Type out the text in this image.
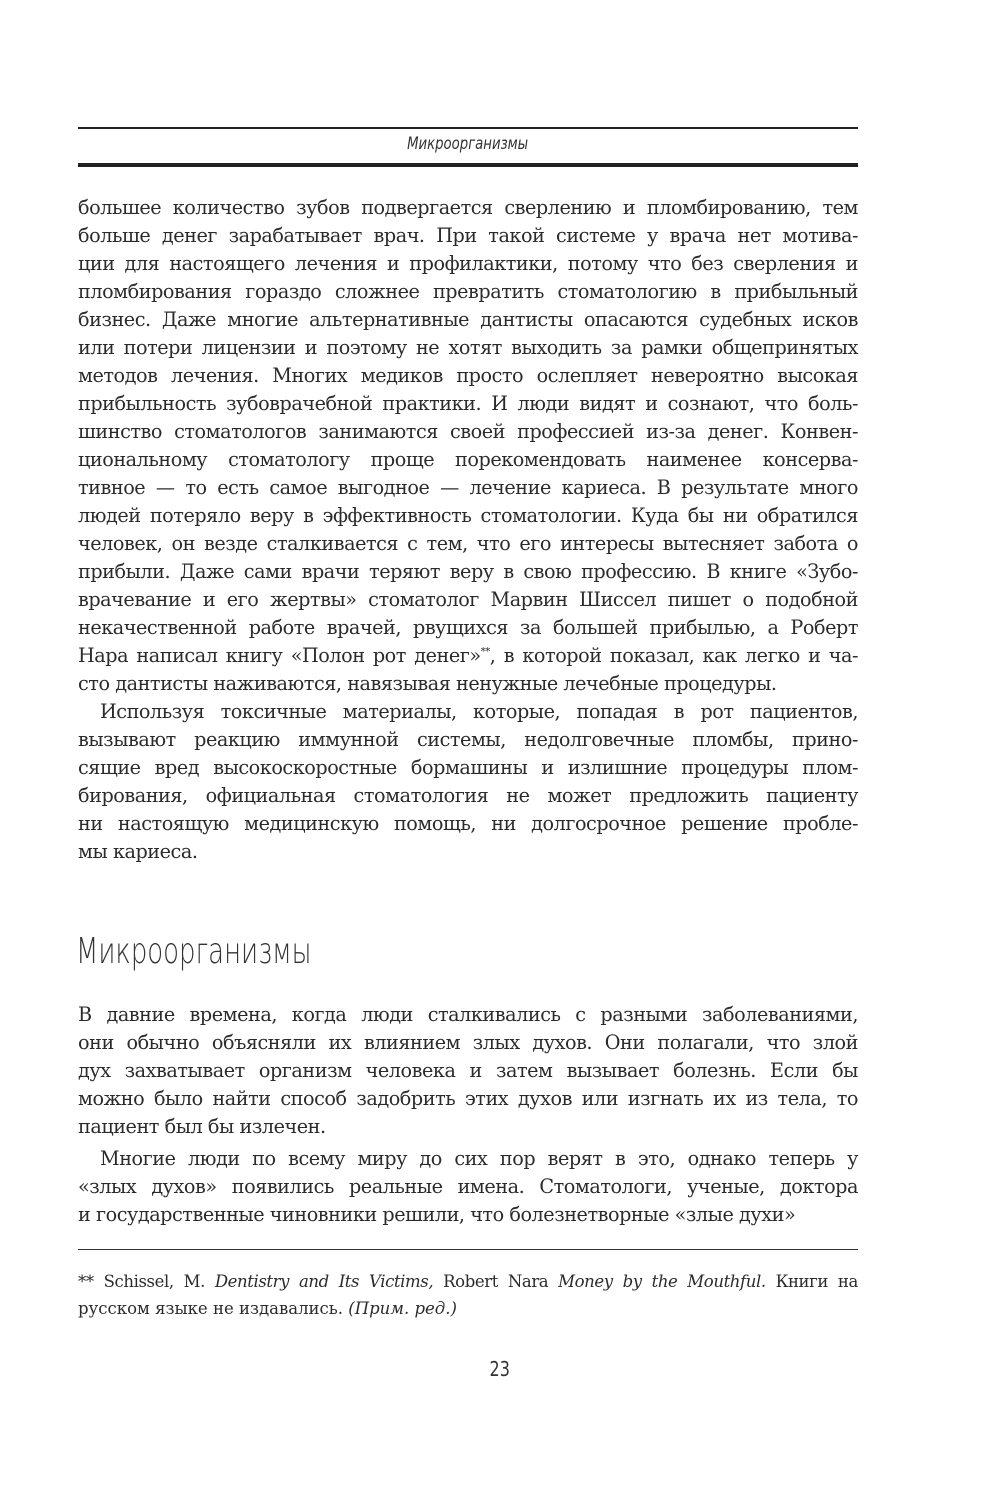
Микроорганизмы
большее количество зубов подвергается сверлению и пломбированию, тем
больше денег зарабатывает врач. При такой системе у врача нет мотива-
ции для настоящего лечения и профилактики, потому что без сверления и
пломбирования гораздо сложнее превратить стоматологию в прибыльный
бизнес. Даже многие альтернативные дантисты опасаются судебных исков
или потери лицензии и поэтому не хотят выходить за рамки общепринятых
методов лечения. Многих медиков просто ослепляет невероятно высокая
прибыльность зубоврачебной практики. И люди видят и сознают, что боль-
шинство стоматологов занимаются своей профессией из-за денег. Конвен-
циональному стоматологу проще порекомендовать наименее консерва-
тивное — то есть самое выгодное — лечение кариеса. В результате много
людей потеряло веру в эффективность стоматологии. Куда бы ни обратился
человек, он везде сталкивается с тем, что его интересы вытесняет забота о
прибыли. Даже сами врачи теряют веру в свою профессию. В книге «Зубо-
врачевание и его жертвы» стоматолог Марвин Шиссел пишет о подобной
некачественной работе врачей, рвущихся за большей прибылью, а Роберт
Нара написал книгу «Полон рот денег»**, в которой показал, как легко и ча-
сто дантисты наживаются, навязывая ненужные лечебные процедуры.
Используя токсичные материалы, которые, попадая в рот пациентов,
вызывают реакцию иммунной системы, недолговечные пломбы, прино-
сящие вред высокоскоростные бормашины и излишние процедуры плом-
бирования, официальная стоматология не может предложить пациенту
ни настоящую медицинскую помощь, ни долгосрочное решение пробле-
мы кариеса.
Микроорганизмы
В давние времена, когда люди сталкивались с разными заболеваниями,
они обычно объясняли их влиянием злых духов. Они полагали, что злой
дух захватывает организм человека и затем вызывает болезнь. Если бы
можно было найти способ задобрить этих духов или изгнать их из тела, то
пациент был бы излечен.
Многие люди по всему миру до сих пор верят в это, однако теперь у
«злых духов» появились реальные имена. Стоматологи, ученые, доктора
и государственные чиновники решили, что болезнетворные «злые духи»
** Schissel, M. Dentistry and Its Victims, Robert Nara Money by the Mouthful. Книги на
русском языке не издавались. (Прим. ред.)
23
